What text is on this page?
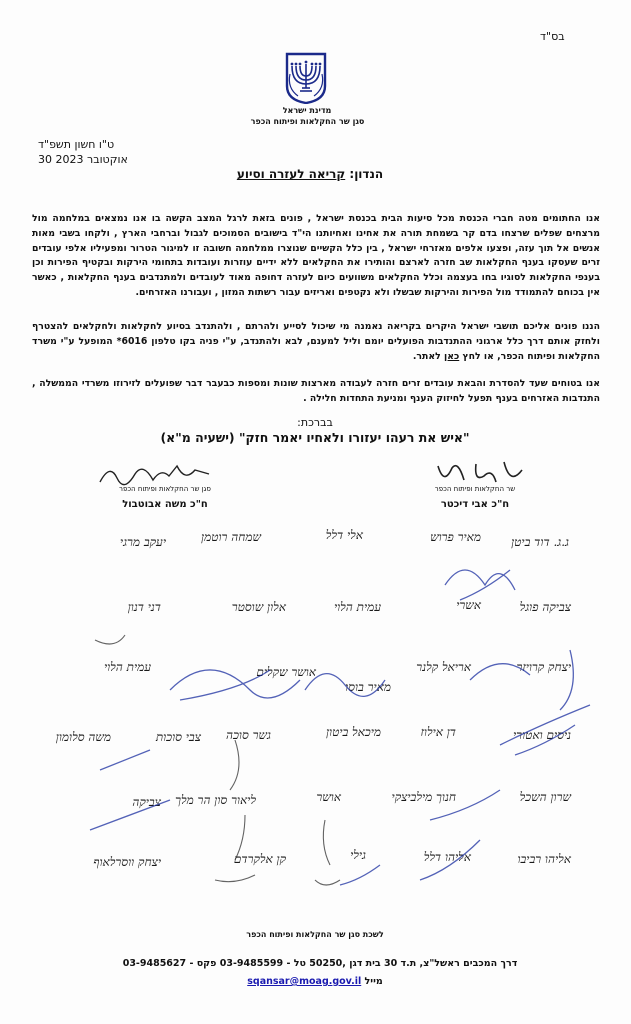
בס"ד
מדינת ישראל
סגן שר החקלאות ופיתוח הכפר
ט"ו חשון תשפ"ד
30 אוקטובר 2023
הנדון: קריאה לעזרה וסיוע
אנו החתומים מטה חברי הכנסת מכל סיעות הבית בכנסת ישראל , פונים בזאת לרגל המצב הקשה בו אנו נמצאים במלחמה מול מרצחים שפלים שרצחו בדם קר בשמחת תורה את אחינו ואחיותנו הי"ד בישובים הסמוכים לגבול וברחבי הארץ , ולקחו בשבי מאות אנשים אל תוך עזה, ופצעו אלפים מאזרחי ישראל , בין כלל הקשיים שנוצרו ממלחמה חשובה זו למיגור הטרור ומפעיליו אלפי עובדים זרים שעסקו בענף החקלאות שב חזרה לארצם והותירו את החקלאים ללא ידיים עוזרות ועובדות בתחומי הירקות ובקטיף הפירות וכן בענפי החקלאות לסוגיו בחו בעצמה וכלל החקלאים משוועים כיום לעזרה דחופה מאוד לעובדים ולמתנדבים בענף החקלאות , כאשר אין בכוחם להתמודד מול הפירות והירקות שבשלו ולא נקטפים ואריזים עבור רשתות המזון , ועבורנו האזרחים.
הננו פונים אליכם תושבי ישראל היקרים בקריאה נאמנה מי שיכול לסייע ולהרתם , ולהתנדב בסיוע לחקלאות ולחקלאים להצטרף ולחזק אותם דרך כלל ארגוני ההתנדבות הפועלים יומם וליל למענם, לבא ולהתנדב, ע"י פניה בקו טלפון 6016* המופעל ע"י משרד החקלאות ופיתוח הכפר, או לחץ כאן לאתר.
אנו בטוחים שעד להסדרת והבאת עובדים זרים חזרה לעבודה מארצות שונות ומספות כבעבר דבר שפועלים לזירוזו משרדי הממשלה , התנדבות האזרחים בענף תפעל לחיזוק הענף ומניעת התחדות חלילה .
בברכת:
"איש את רעהו יעזורו ולאחיו יאמר חזק" (ישעיה מ"א)
סגן שר החקלאות ופיתוח הכפר
ח"כ משה אבוטבול
שר החקלאות ופיתוח הכפר
ח"כ אבי דיכטר
ג.ג. דוד ביטן
מאיר פרוש
אלי דלל
שמחה רוטמן
יעקב מרגי
אשרי	צביקה פוגל
עמית הלוי
אלון שוסטר
דני דנון
יצחק קרויזר
אריאל קלנר
אושר שקלים
מאיר בוסו
עמית הלוי
ניסים ואטורי
דן אילוז
מיכאל ביטון
גשר סוכה
צבי סוכות
משה סלומון
שרון השכל
חנוך מילביצקי
אושר
ליאור סון הר מלך
צביקה
אליהו רביבו
אליהו דלל
גילי
קן אלקרדם
יצחק ווסרלאוף
לשכת סגן שר החקלאות ופיתוח הכפר
דרך המכבים ראשל"צ, ת.ד 30 בית דגן ,50250 טל - 03-9485599 פקס - 03-9485627
sqansar@moag.gov.il מייל
